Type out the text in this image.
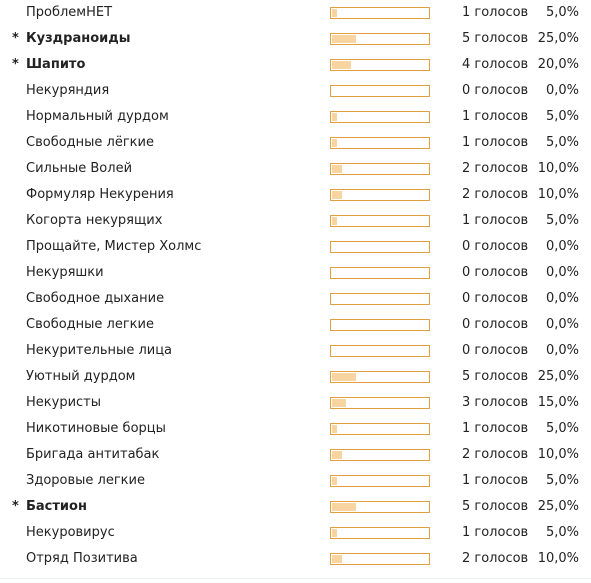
ПроблемНЕТ	1 голосов	5,0%
* Куздраноиды	5 голосов 25,0%
* Шапито	4 голосов 20,0%
Некуряндия	0 голосов	0,0%
Нормальный дурдом	1 голосов	5,0%
Свободные лёгкие	1 голосов	5,0%
Сильные Волей	2 голосов 10,0%
Формуляр Некурения	2 голосов 10,0%
Когорта некурящих	1 голосов	5,0%
Прощайте, Мистер Холмс	0 голосов	0,0%
Некуряшки	0 голосов	0,0%
Свободное дыхание	0 голосов	0,0%
Свободные легкие	0 голосов	0,0%
Некурительные лица	0 голосов	0,0%
Уютный дурдом	5 голосов 25,0%
Некуристы	3 голосов 15,0%
Никотиновые борцы	1 голосов	5,0%
Бригада антитабак	2 голосов 10,0%
Здоровые легкие	1 голосов	5,0%
* Бастион	5 голосов 25,0%
Некуровирус	1 голосов	5,0%
Отряд Позитива	2 голосов 10,0%
